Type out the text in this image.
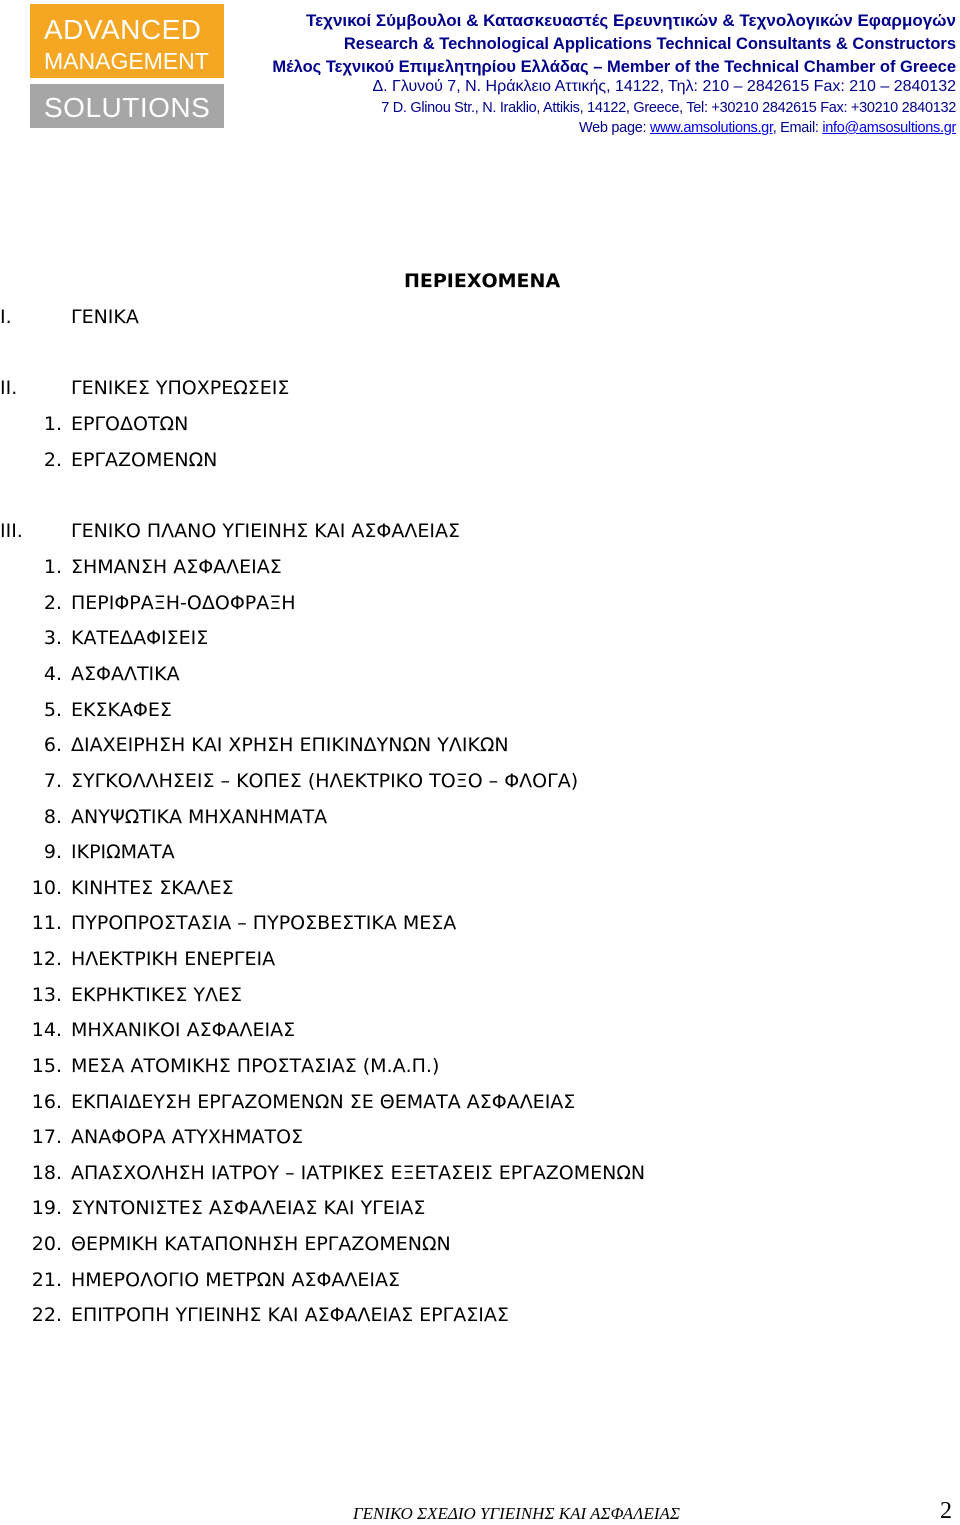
ADVANCED
MANAGEMENT
SOLUTIONS
Τεχνικοί Σύμβουλοι & Κατασκευαστές Ερευνητικών & Τεχνολογικών Εφαρμογών
Research & Technological Applications Technical Consultants & Constructors
Μέλος Τεχνικού Επιμελητηρίου Ελλάδας – Member of the Technical Chamber of Greece
Δ. Γλυνού 7, Ν. Ηράκλειο Αττικής, 14122, Τηλ: 210 – 2842615 Fax: 210 – 2840132
7 D. Glinou Str., N. Iraklio, Attikis, 14122, Greece, Tel: +30210 2842615 Fax: +30210 2840132
Web page: www.amsolutions.gr, Email: info@amsosultions.gr
ΠΕΡΙΕΧΟΜΕΝΑ
I.	ΓΕΝΙΚΑ
II.	ΓΕΝΙΚΕΣ ΥΠΟΧΡΕΩΣΕΙΣ
1. ΕΡΓΟΔΟΤΩΝ
2. ΕΡΓΑΖΟΜΕΝΩΝ
III.	ΓΕΝΙΚΟ ΠΛΑΝΟ ΥΓΙΕΙΝΗΣ ΚΑΙ ΑΣΦΑΛΕΙΑΣ
1. ΣΗΜΑΝΣΗ ΑΣΦΑΛΕΙΑΣ
2. ΠΕΡΙΦΡΑΞΗ-ΟΔΟΦΡΑΞΗ
3. ΚΑΤΕΔΑΦΙΣΕΙΣ
4. ΑΣΦΑΛΤΙΚΑ
5. ΕΚΣΚΑΦΕΣ
6. ΔΙΑΧΕΙΡΗΣΗ ΚΑΙ ΧΡΗΣΗ ΕΠΙΚΙΝΔΥΝΩΝ ΥΛΙΚΩΝ
7. ΣΥΓΚΟΛΛΗΣΕΙΣ – ΚΟΠΕΣ (ΗΛΕΚΤΡΙΚΟ ΤΟΞΟ – ΦΛΟΓΑ)
8. ΑΝΥΨΩΤΙΚΑ ΜΗΧΑΝΗΜΑΤΑ
9. ΙΚΡΙΩΜΑΤΑ
10. ΚΙΝΗΤΕΣ ΣΚΑΛΕΣ
11. ΠΥΡΟΠΡΟΣΤΑΣΙΑ – ΠΥΡΟΣΒΕΣΤΙΚΑ ΜΕΣΑ
12. ΗΛΕΚΤΡΙΚΗ ΕΝΕΡΓΕΙΑ
13. ΕΚΡΗΚΤΙΚΕΣ ΥΛΕΣ
14. ΜΗΧΑΝΙΚΟΙ ΑΣΦΑΛΕΙΑΣ
15. ΜΕΣΑ ΑΤΟΜΙΚΗΣ ΠΡΟΣΤΑΣΙΑΣ (Μ.Α.Π.)
16. ΕΚΠΑΙΔΕΥΣΗ ΕΡΓΑΖΟΜΕΝΩΝ ΣΕ ΘΕΜΑΤΑ ΑΣΦΑΛΕΙΑΣ
17. ΑΝΑΦΟΡΑ ΑΤΥΧΗΜΑΤΟΣ
18. ΑΠΑΣΧΟΛΗΣΗ ΙΑΤΡΟΥ – ΙΑΤΡΙΚΕΣ ΕΞΕΤΑΣΕΙΣ ΕΡΓΑΖΟΜΕΝΩΝ
19. ΣΥΝΤΟΝΙΣΤΕΣ ΑΣΦΑΛΕΙΑΣ ΚΑΙ ΥΓΕΙΑΣ
20. ΘΕΡΜΙΚΗ ΚΑΤΑΠΟΝΗΣΗ ΕΡΓΑΖΟΜΕΝΩΝ
21. ΗΜΕΡΟΛΟΓΙΟ ΜΕΤΡΩΝ ΑΣΦΑΛΕΙΑΣ
22. ΕΠΙΤΡΟΠΗ ΥΓΙΕΙΝΗΣ ΚΑΙ ΑΣΦΑΛΕΙΑΣ ΕΡΓΑΣΙΑΣ
ΓΕΝΙΚΟ ΣΧΕΔΙΟ ΥΓΙΕΙΝΗΣ ΚΑΙ ΑΣΦΑΛΕΙΑΣ	2
